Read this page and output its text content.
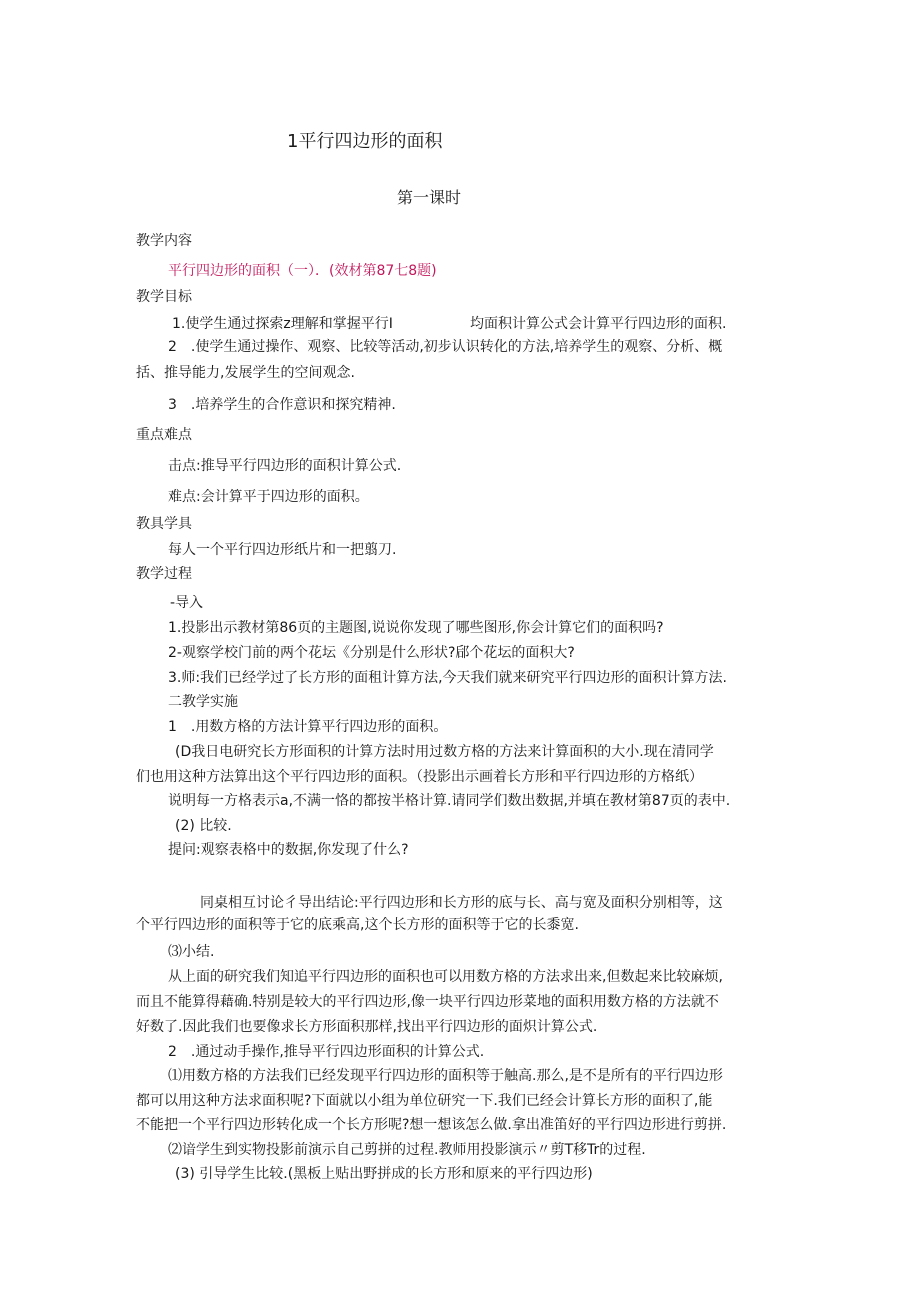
1平行四边形的面积
第一课时
教学内容
平行四边形的面积（一）．(效材第87七8题)
教学目标
1.使学生通过探索z理解和掌握平行I	均面积计算公式会计算平行四边形的面积.
2　.使学生通过操作、观察、比较等活动,初步认识转化的方法,培养学生的观察、分析、概
括、推导能力,发展学生的空间观念.
3　.培养学生的合作意识和探究精神.
重点难点
击点:推导平行四边形的面积计算公式.
难点:会计算平于四边形的面积。
教具学具
每人一个平行四边形纸片和一把翦刀.
教学过程
-导入
1.投影出示教材第86页的主题图,说说你发现了哪些图形,你会计算它们的面积吗?
2-观察学校门前的两个花坛《分别是什么形状?郈个花坛的面积大?
3.师:我们已经学过了长方形的面租计算方法,今天我们就来研究平行四边形的面积计算方法.
二教学实施
1　.用数方格的方法计算平行四边形的面积。
(D我日电研究长方形面积的计算方法时用过数方格的方法来计算面积的大小.现在清同学
们也用这种方法算出这个平行四边形的面积。（投影出示画着长方形和平行四边形的方格纸）
说明每一方格表示a,不满一恪的都按半格计算.请同学们数出数据,并填在教材第87页的表中.
(2) 比较.
提问:观察表格中的数据,你发现了什么?
同桌相互讨论彳导出结论:平行四边形和长方形的底与长、高与宽及面积分别相等，这
个平行四边形的面积等于它的底乘高,这个长方形的面积等于它的长黍宽.
⑶小结.
从上面的研究我们知追平行四边形的面积也可以用数方格的方法求出来,但数起来比较麻烦,
而且不能算得藉确.特别是较大的平行四边形,像一块平行四边形菜地的面积用数方格的方法就不
好数了.因此我们也要像求长方形面积那样,找出平行四边形的面炽计算公式.
2　.通过动手操作,推导平行四边形面积的计算公式.
⑴用数方格的方法我们已经发现平行四边形的面积等于触高.那么,是不是所有的平行四边形
都可以用这种方法求面积呢?下面就以小组为单位研究一下.我们已经会计算长方形的面积了,能
不能把一个平行四边形转化成一个长方形呢?想一想该怎么做.拿出准笛好的平行四边形进行剪拼.
⑵谙学生到实物投影前演示自己剪拼的过程.教师用投影演示〃剪T移Tr的过程.
(3) 引导学生比较.(黑板上贴出野拼成的长方形和原来的平行四边形)
